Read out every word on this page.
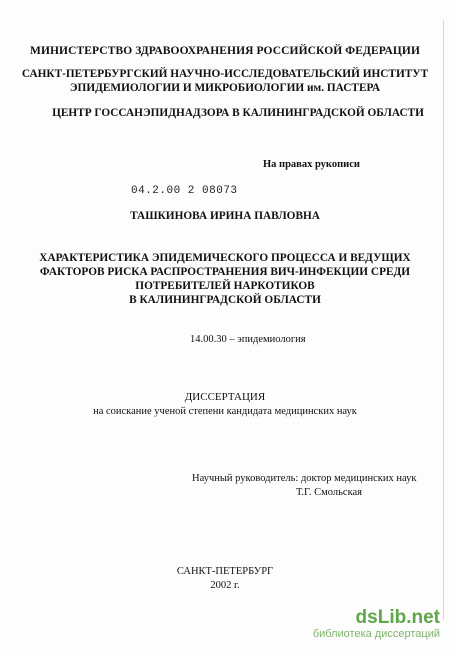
МИНИСТЕРСТВО ЗДРАВООХРАНЕНИЯ РОССИЙСКОЙ ФЕДЕРАЦИИ
САНКТ-ПЕТЕРБУРГСКИЙ НАУЧНО-ИССЛЕДОВАТЕЛЬСКИЙ ИНСТИТУТ
ЭПИДЕМИОЛОГИИ И МИКРОБИОЛОГИИ им. ПАСТЕРА
ЦЕНТР ГОССАНЭПИДНАДЗОРА В КАЛИНИНГРАДСКОЙ ОБЛАСТИ
На правах рукописи
04.2.00 2 08073
ТАШКИНОВА ИРИНА ПАВЛОВНА
ХАРАКТЕРИСТИКА ЭПИДЕМИЧЕСКОГО ПРОЦЕССА И ВЕДУЩИХ
ФАКТОРОВ РИСКА РАСПРОСТРАНЕНИЯ ВИЧ-ИНФЕКЦИИ СРЕДИ
ПОТРЕБИТЕЛЕЙ НАРКОТИКОВ
В КАЛИНИНГРАДСКОЙ ОБЛАСТИ
14.00.30 – эпидемиология
ДИССЕРТАЦИЯ
на соискание ученой степени кандидата медицинских наук
Научный руководитель: доктор медицинских наук
Т.Г. Смольская
САНКТ-ПЕТЕРБУРГ
2002 г.
dsLib.net
библиотека диссертаций
